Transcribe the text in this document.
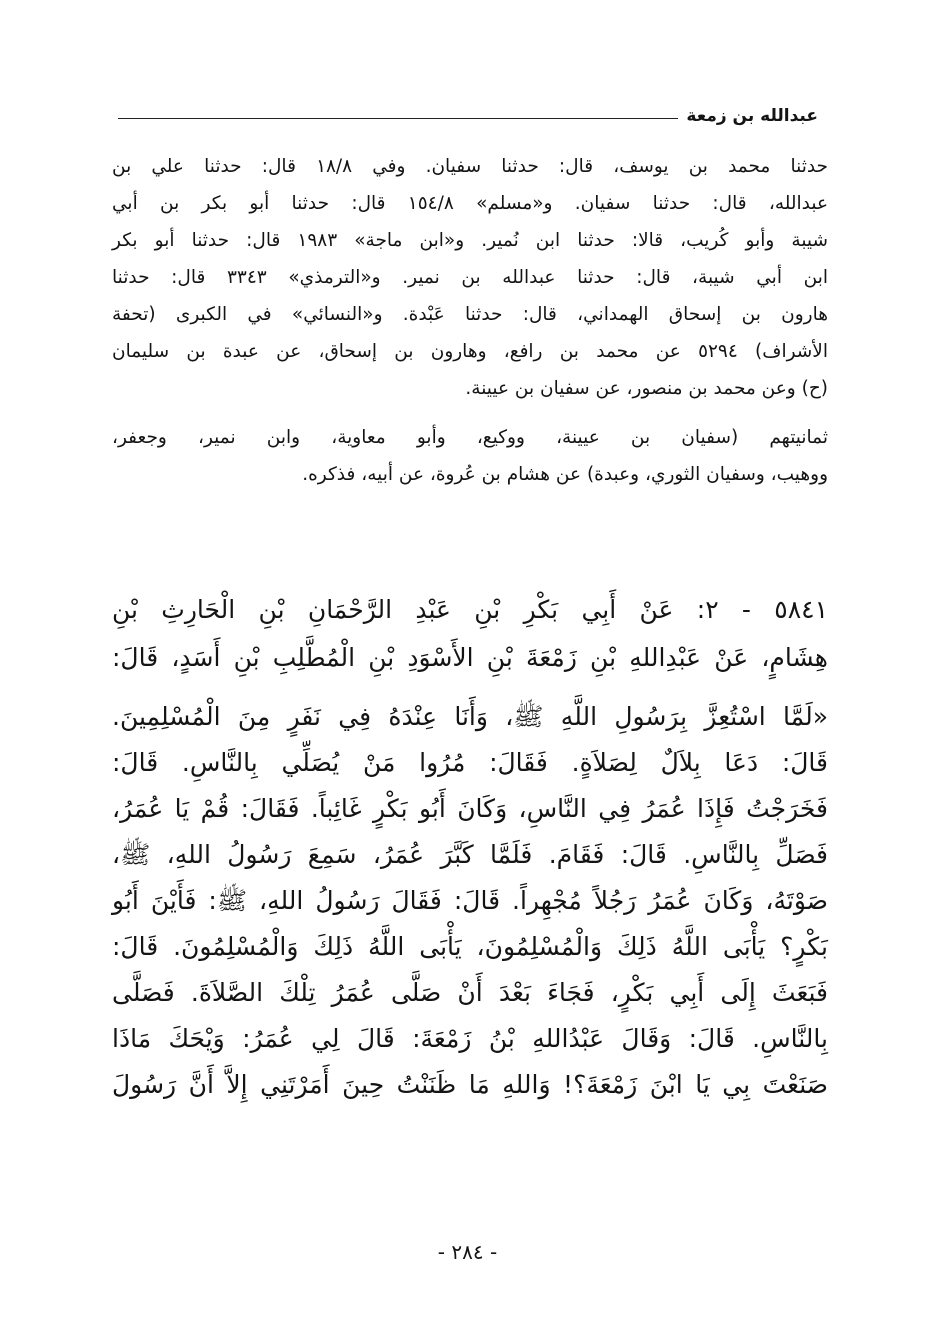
عبدالله بن زمعة
حدثنا محمد بن يوسف، قال: حدثنا سفيان. وفي ١٨/٨ قال: حدثنا علي بن
عبدالله، قال: حدثنا سفيان. و«مسلم» ١٥٤/٨ قال: حدثنا أبو بكر بن أبي
شيبة وأبو كُريب، قالا: حدثنا ابن نُمير. و«ابن ماجة» ١٩٨٣ قال: حدثنا أبو بكر
ابن أبي شيبة، قال: حدثنا عبدالله بن نمير. و«الترمذي» ٣٣٤٣ قال: حدثنا
هارون بن إسحاق الهمداني، قال: حدثنا عَبْدة. و«النسائي» في الكبرى (تحفة
الأشراف) ٥٢٩٤ عن محمد بن رافع، وهارون بن إسحاق، عن عبدة بن سليمان
(ح) وعن محمد بن منصور، عن سفيان بن عيينة.
ثمانيتهم (سفيان بن عيينة، ووكيع، وأبو معاوية، وابن نمير، وجعفر،
ووهيب، وسفيان الثوري، وعبدة) عن هشام بن عُروة، عن أبيه، فذكره.
٥٨٤١ - ٢: عَنْ أَبِي بَكْرِ بْنِ عَبْدِ الرَّحْمَانِ بْنِ الْحَارِثِ بْنِ
هِشَامٍ، عَنْ عَبْدِاللهِ بْنِ زَمْعَةَ بْنِ الأَسْوَدِ بْنِ الْمُطَّلِبِ بْنِ أَسَدٍ، قَالَ:
«لَمَّا اسْتُعِزَّ بِرَسُولِ اللَّهِ ﷺ، وَأَنَا عِنْدَهُ فِي نَفَرٍ مِنَ الْمُسْلِمِينَ.
قَالَ: دَعَا بِلاَلٌ لِصَلاَةٍ. فَقَالَ: مُرُوا مَنْ يُصَلِّي بِالنَّاسِ. قَالَ:
فَخَرَجْتُ فَإِذَا عُمَرُ فِي النَّاسِ، وَكَانَ أَبُو بَكْرٍ غَائِباً. فَقَالَ: قُمْ يَا عُمَرُ،
فَصَلِّ بِالنَّاسِ. قَالَ: فَقَامَ. فَلَمَّا كَبَّرَ عُمَرُ، سَمِعَ رَسُولُ اللهِ، ﷺ،
صَوْتَهُ، وَكَانَ عُمَرُ رَجُلاً مُجْهِراً. قَالَ: فَقَالَ رَسُولُ اللهِ، ﷺ: فَأَيْنَ أَبُو
بَكْرٍ؟ يَأْبَى اللَّهُ ذَلِكَ وَالْمُسْلِمُونَ، يَأْبَى اللَّهُ ذَلِكَ وَالْمُسْلِمُونَ. قَالَ:
فَبَعَثَ إِلَى أَبِي بَكْرٍ، فَجَاءَ بَعْدَ أَنْ صَلَّى عُمَرُ تِلْكَ الصَّلاَةَ. فَصَلَّى
بِالنَّاسِ. قَالَ: وَقَالَ عَبْدُاللهِ بْنُ زَمْعَةَ: قَالَ لِي عُمَرُ: وَيْحَكَ مَاذَا
صَنَعْتَ بِي يَا ابْنَ زَمْعَةَ؟! وَاللهِ مَا ظَنَنْتُ حِينَ أَمَرْتَنِي إِلاَّ أَنَّ رَسُولَ
- ٢٨٤ -
